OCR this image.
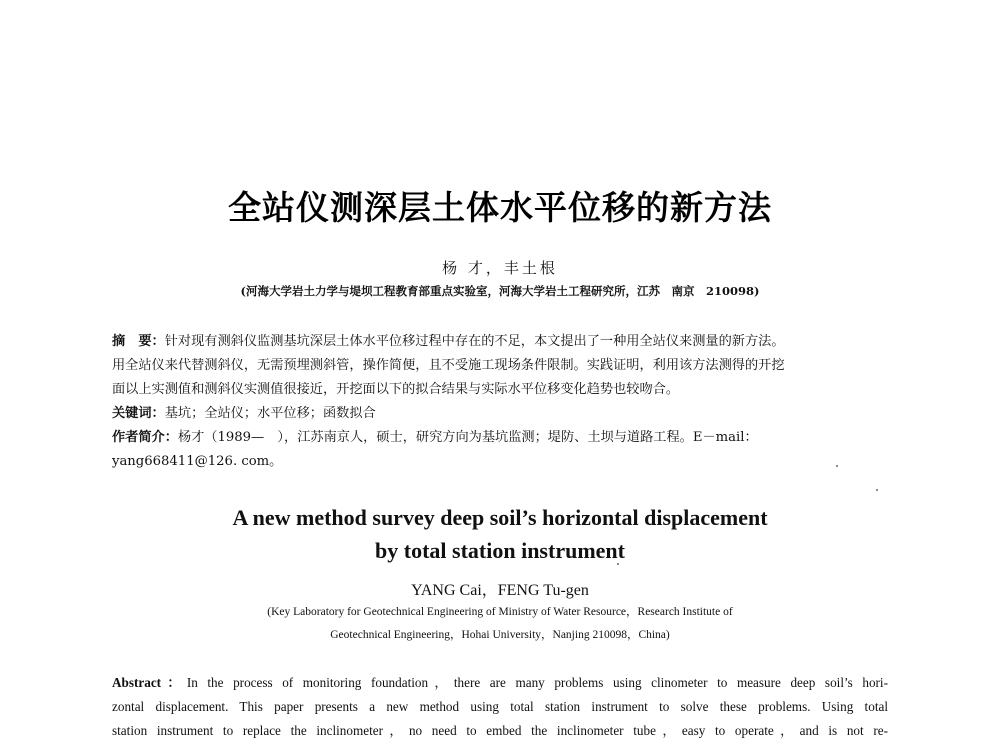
全站仪测深层土体水平位移的新方法
杨 才，丰土根
(河海大学岩土力学与堤坝工程教育部重点实验室，河海大学岩土工程研究所，江苏　南京　210098)
摘　要：针对现有测斜仪监测基坑深层土体水平位移过程中存在的不足，本文提出了一种用全站仪来测量的新方法。
用全站仪来代替测斜仪，无需预埋测斜管，操作简便，且不受施工现场条件限制。实践证明，利用该方法测得的开挖
面以上实测值和测斜仪实测值很接近，开挖面以下的拟合结果与实际水平位移变化趋势也较吻合。
关键词：基坑；全站仪；水平位移；函数拟合
作者简介：杨才（1989—　），江苏南京人，硕士，研究方向为基坑监测；堤防、土坝与道路工程。E－mail：
yang668411@126. com。
A new method survey deep soil’s horizontal displacement
by total station instrument
YANG Cai，FENG Tu-gen
(Key Laboratory for Geotechnical Engineering of Ministry of Water Resource，Research Institute of
Geotechnical Engineering，Hohai University，Nanjing 210098，China)
Abstract：In the process of monitoring foundation，there are many problems using clinometer to measure deep soil’s hori-
zontal displacement. This paper presents a new method using total station instrument to solve these problems. Using total
station instrument to replace the inclinometer，no need to embed the inclinometer tube，easy to operate，and is not re-
